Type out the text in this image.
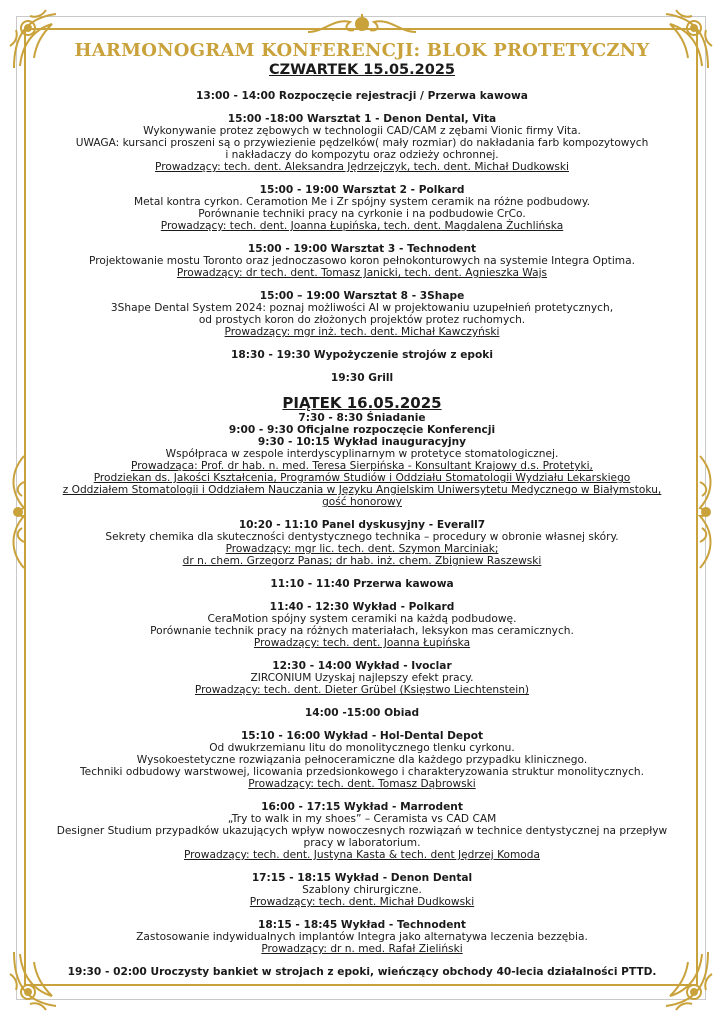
HARMONOGRAM KONFERENCJI: BLOK PROTETYCZNY

CZWARTEK 15.05.2025

13:00 - 14:00 Rozpoczęcie rejestracji / Przerwa kawowa

15:00 -18:00 Warsztat 1 - Denon Dental, Vita

Wykonywanie protez zębowych w technologii CAD/CAM z zębami Vionic firmy Vita.

UWAGA: kursanci proszeni są o przywiezienie pędzelków( mały rozmiar) do nakładania farb kompozytowych

i nakładaczy do kompozytu oraz odzieży ochronnej.

Prowadzący: tech. dent. Aleksandra Jędrzejczyk, tech. dent. Michał Dudkowski

15:00 - 19:00 Warsztat 2 - Polkard

Metal kontra cyrkon. Ceramotion Me i Zr spójny system ceramik na różne podbudowy.

Porównanie techniki pracy na cyrkonie i na podbudowie CrCo.

Prowadzący: tech. dent. Joanna Łupińska, tech. dent. Magdalena Żuchlińska

15:00 - 19:00 Warsztat 3 - Technodent

Projektowanie mostu Toronto oraz jednoczasowo koron pełnokonturowych na systemie Integra Optima.

Prowadzący: dr tech. dent. Tomasz Janicki, tech. dent. Agnieszka Wajs

15:00 – 19:00 Warsztat 8 - 3Shape

3Shape Dental System 2024: poznaj możliwości AI w projektowaniu uzupełnień protetycznych,

od prostych koron do złożonych projektów protez ruchomych.

Prowadzący: mgr inż. tech. dent. Michał Kawczyński

18:30 - 19:30 Wypożyczenie strojów z epoki

19:30 Grill

PIĄTEK 16.05.2025

7:30 - 8:30 Śniadanie

9:00 - 9:30 Oficjalne rozpoczęcie Konferencji

9:30 - 10:15 Wykład inauguracyjny

Współpraca w zespole interdyscyplinarnym w protetyce stomatologicznej.

Prowadząca: Prof. dr hab. n. med. Teresa Sierpińska - Konsultant Krajowy d.s. Protetyki,

Prodziekan ds. Jakości Kształcenia, Programów Studiów i Oddziału Stomatologii Wydziału Lekarskiego

z Oddziałem Stomatologii i Oddziałem Nauczania w Języku Angielskim Uniwersytetu Medycznego w Białymstoku,

gość honorowy

10:20 - 11:10 Panel dyskusyjny - Everall7

Sekrety chemika dla skuteczności dentystycznego technika – procedury w obronie własnej skóry.

Prowadzący: mgr lic. tech. dent. Szymon Marciniak;

dr n. chem. Grzegorz Panas; dr hab. inż. chem. Zbigniew Raszewski

11:10 - 11:40 Przerwa kawowa

11:40 - 12:30 Wykład - Polkard

CeraMotion spójny system ceramiki na każdą podbudowę.

Porównanie technik pracy na różnych materiałach, leksykon mas ceramicznych.

Prowadzący: tech. dent. Joanna Łupińska

12:30 - 14:00 Wykład - Ivoclar

ZIRCONIUM Uzyskaj najlepszy efekt pracy.

Prowadzący: tech. dent. Dieter Grübel (Księstwo Liechtenstein)

14:00 -15:00 Obiad

15:10 - 16:00 Wykład - Hol-Dental Depot

Od dwukrzemianu litu do monolitycznego tlenku cyrkonu.

Wysokoestetyczne rozwiązania pełnoceramiczne dla każdego przypadku klinicznego.

Techniki odbudowy warstwowej, licowania przedsionkowego i charakteryzowania struktur monolitycznych.

Prowadzący: tech. dent. Tomasz Dąbrowski

16:00 - 17:15 Wykład - Marrodent

„Try to walk in my shoes” – Ceramista vs CAD CAM

Designer Studium przypadków ukazujących wpływ nowoczesnych rozwiązań w technice dentystycznej na przepływ

pracy w laboratorium.

Prowadzący: tech. dent. Justyna Kasta & tech. dent Jędrzej Komoda

17:15 - 18:15 Wykład - Denon Dental

Szablony chirurgiczne.

Prowadzący: tech. dent. Michał Dudkowski

18:15 - 18:45 Wykład - Technodent

Zastosowanie indywidualnych implantów Integra jako alternatywa leczenia bezzębia.

Prowadzący: dr n. med. Rafał Zieliński

19:30 - 02:00 Uroczysty bankiet w strojach z epoki, wieńczący obchody 40-lecia działalności PTTD.
